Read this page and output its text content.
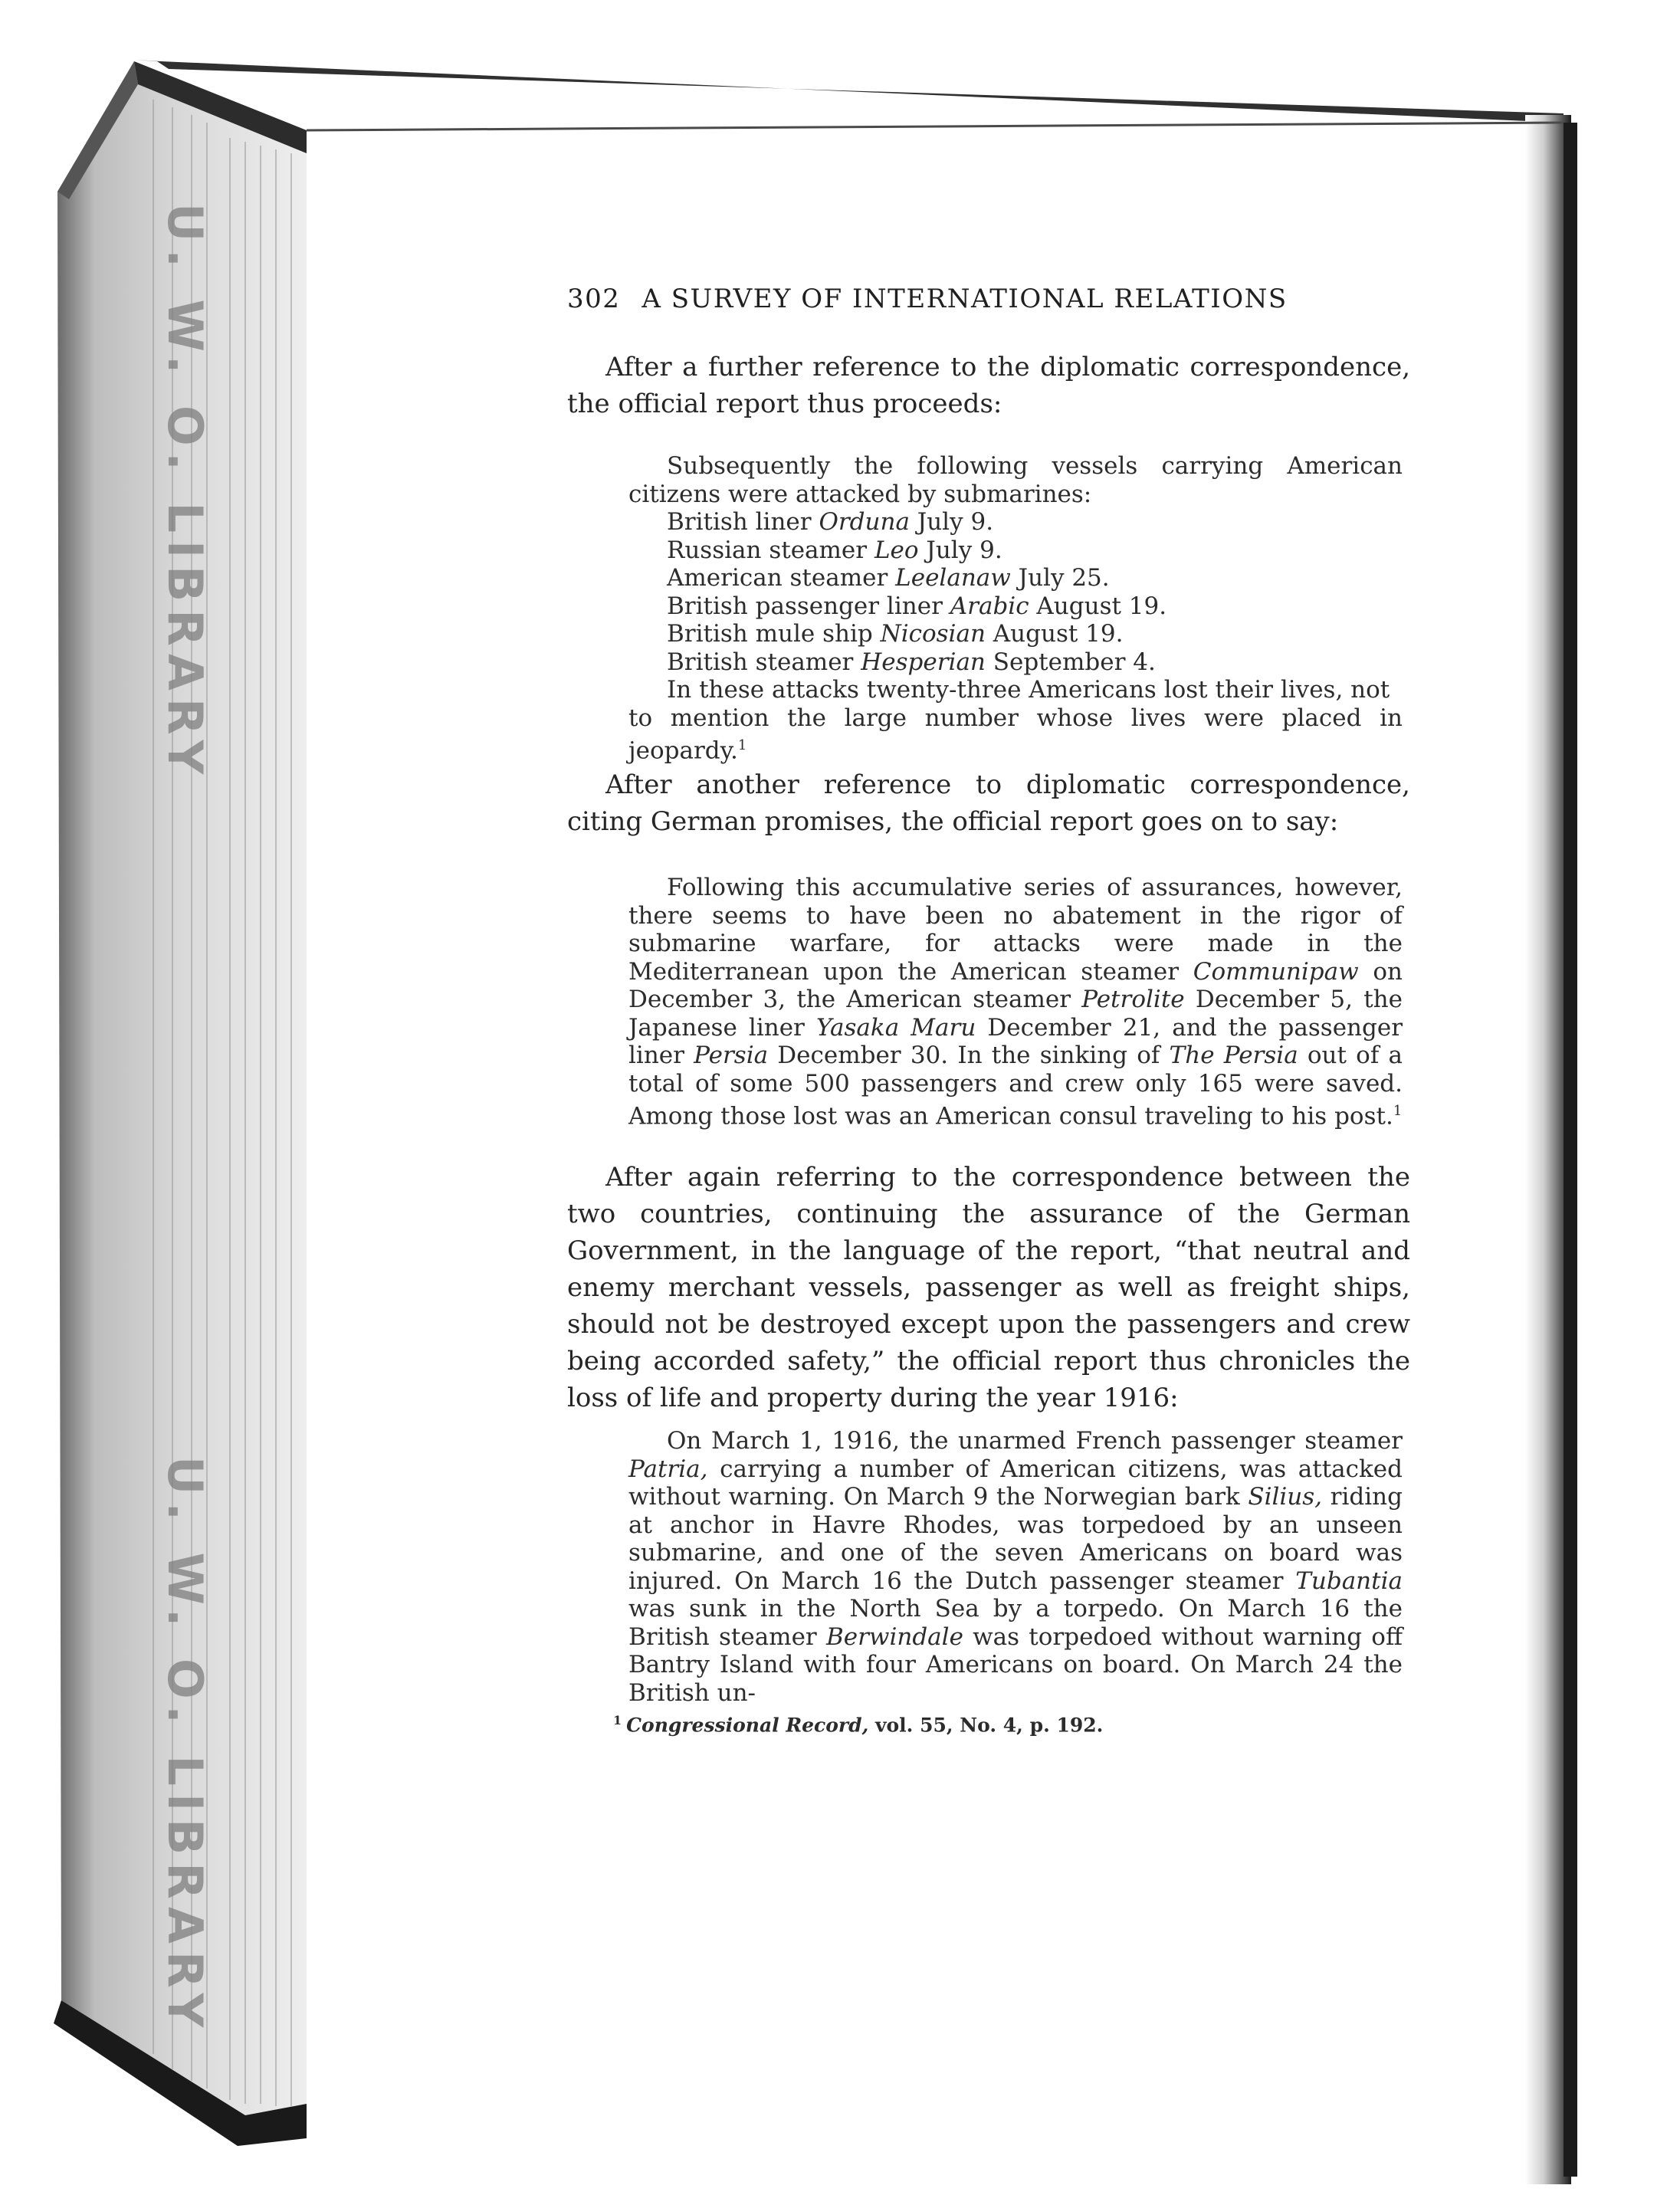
U. W. O. LIBRARY
U. W. O. LIBRARY
302 A SURVEY OF INTERNATIONAL RELATIONS

After a further reference to the diplomatic correspondence, the official report thus proceeds:

Subsequently the following vessels carrying American citizens were attacked by submarines:
British liner Orduna July 9.
Russian steamer Leo July 9.
American steamer Leelanaw July 25.
British passenger liner Arabic August 19.
British mule ship Nicosian August 19.
British steamer Hesperian September 4.
In these attacks twenty-three Americans lost their lives, not
to mention the large number whose lives were placed in jeopardy.$^1$

After another reference to diplomatic correspondence, citing German promises, the official report goes on to say:

Following this accumulative series of assurances, however, there seems to have been no abatement in the rigor of submarine warfare, for attacks were made in the Mediterranean upon the American steamer Communipaw on December 3, the American steamer Petrolite December 5, the Japanese liner Yasaka Maru December 21, and the passenger liner Persia December 30. In the sinking of The Persia out of a total of some 500 passengers and crew only 165 were saved. Among those lost was an American consul traveling to his post.$^1$

After again referring to the correspondence between the two countries, continuing the assurance of the German Government, in the language of the report, “that neutral and enemy merchant vessels, passenger as well as freight ships, should not be destroyed except upon the passengers and crew being accorded safety,” the official report thus chronicles the loss of life and property during the year 1916:

On March 1, 1916, the unarmed French passenger steamer Patria, carrying a number of American citizens, was attacked without warning. On March 9 the Norwegian bark Silius, riding at anchor in Havre Rhodes, was torpedoed by an unseen submarine, and one of the seven Americans on board was injured. On March 16 the Dutch passenger steamer Tubantia was sunk in the North Sea by a torpedo. On March 16 the British steamer Berwindale was torpedoed without warning off Bantry Island with four Americans on board. On March 24 the British un-
$^1$ Congressional Record, vol. 55, No. 4, p. 192.
